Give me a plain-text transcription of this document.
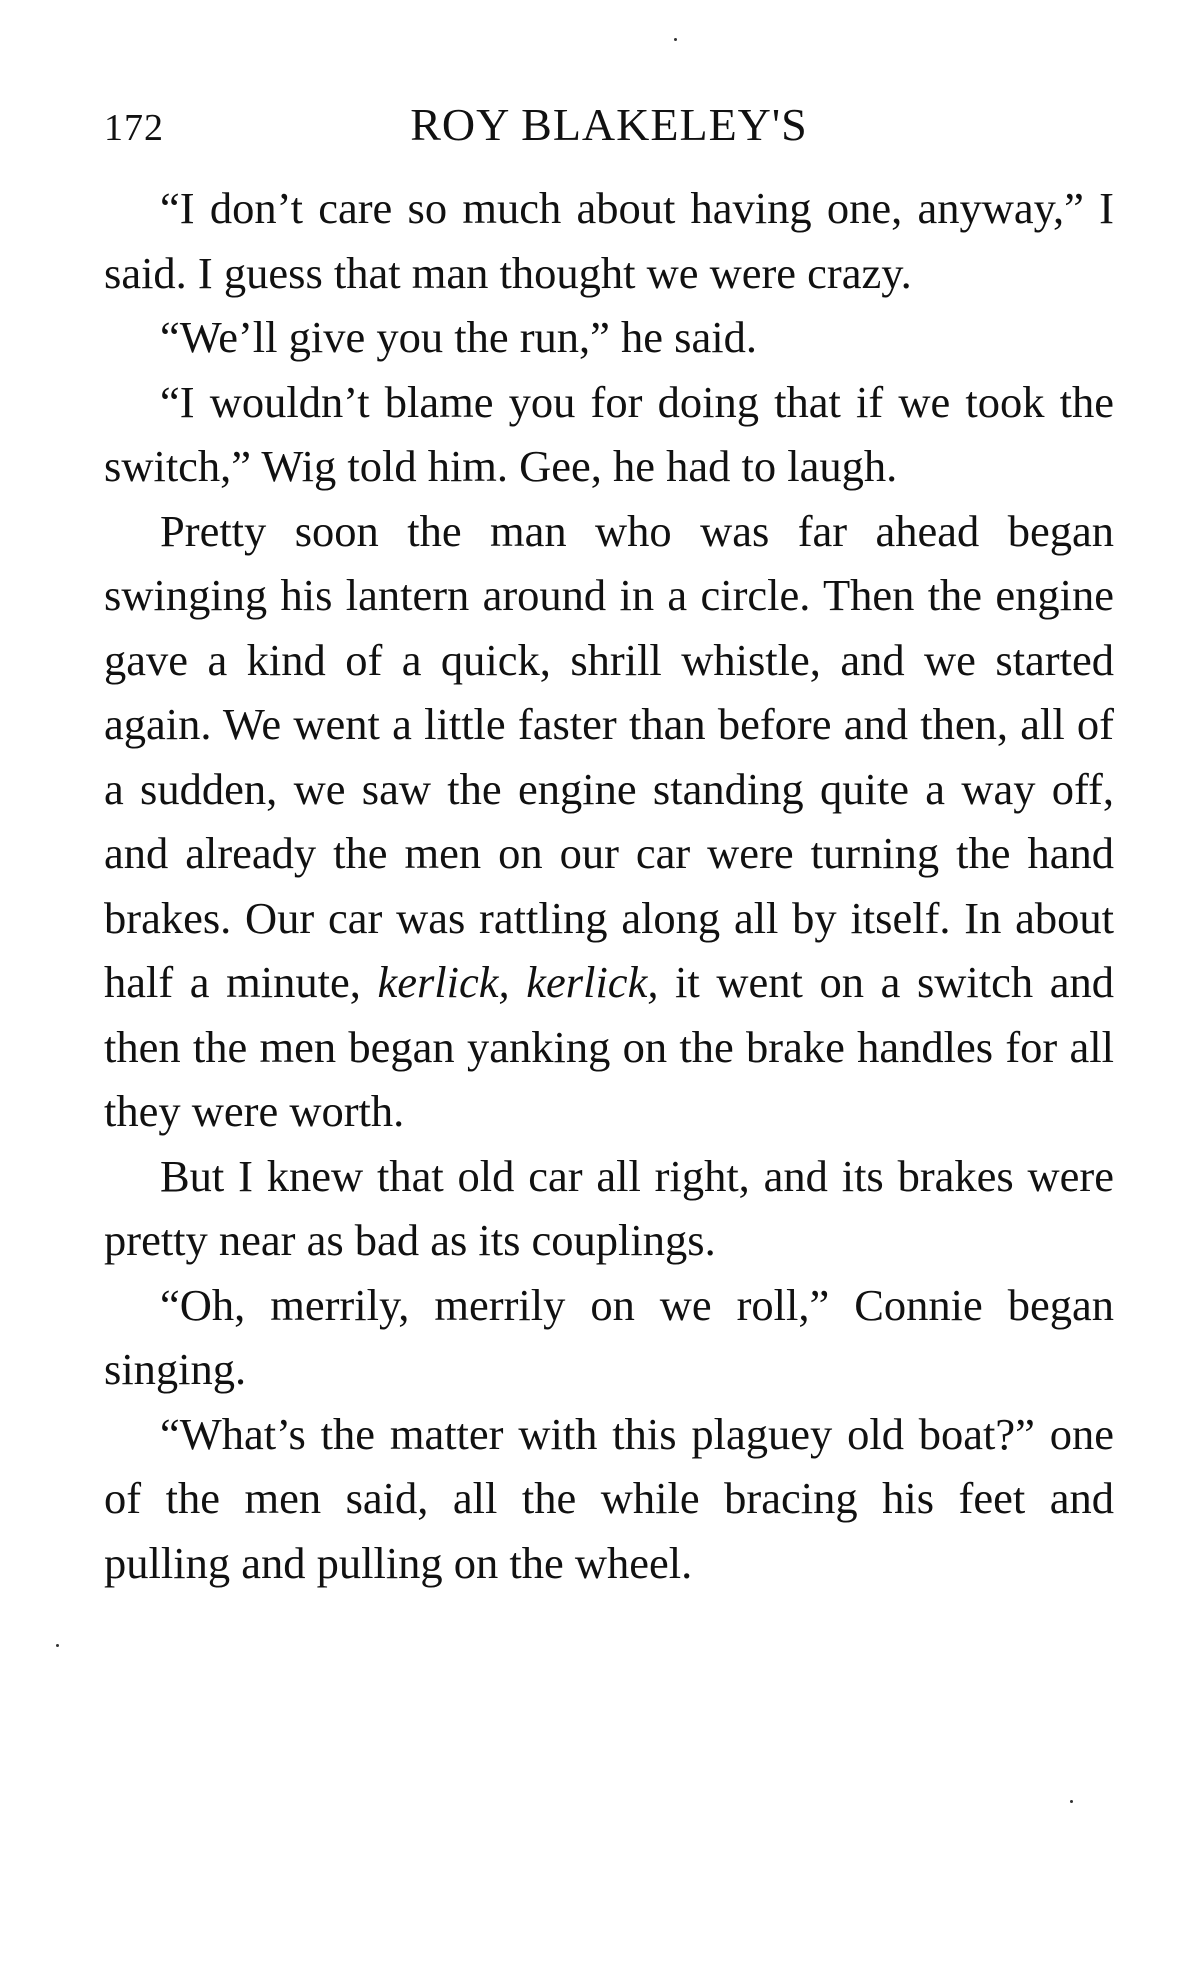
172	ROY BLAKELEY'S

“I don’t care so much about having one, anyway,” I said. I guess that man thought we were crazy.

“We’ll give you the run,” he said.

“I wouldn’t blame you for doing that if we took the switch,” Wig told him. Gee, he had to laugh.

Pretty soon the man who was far ahead began swinging his lantern around in a circle. Then the engine gave a kind of a quick, shrill whistle, and we started again. We went a little faster than before and then, all of a sudden, we saw the engine standing quite a way off, and already the men on our car were turning the hand brakes. Our car was rattling along all by itself. In about half a minute, kerlick, kerlick, it went on a switch and then the men began yanking on the brake handles for all they were worth.

But I knew that old car all right, and its brakes were pretty near as bad as its couplings.

“Oh, merrily, merrily on we roll,” Connie began singing.

“What’s the matter with this plaguey old boat?” one of the men said, all the while bracing his feet and pulling and pulling on the wheel.
